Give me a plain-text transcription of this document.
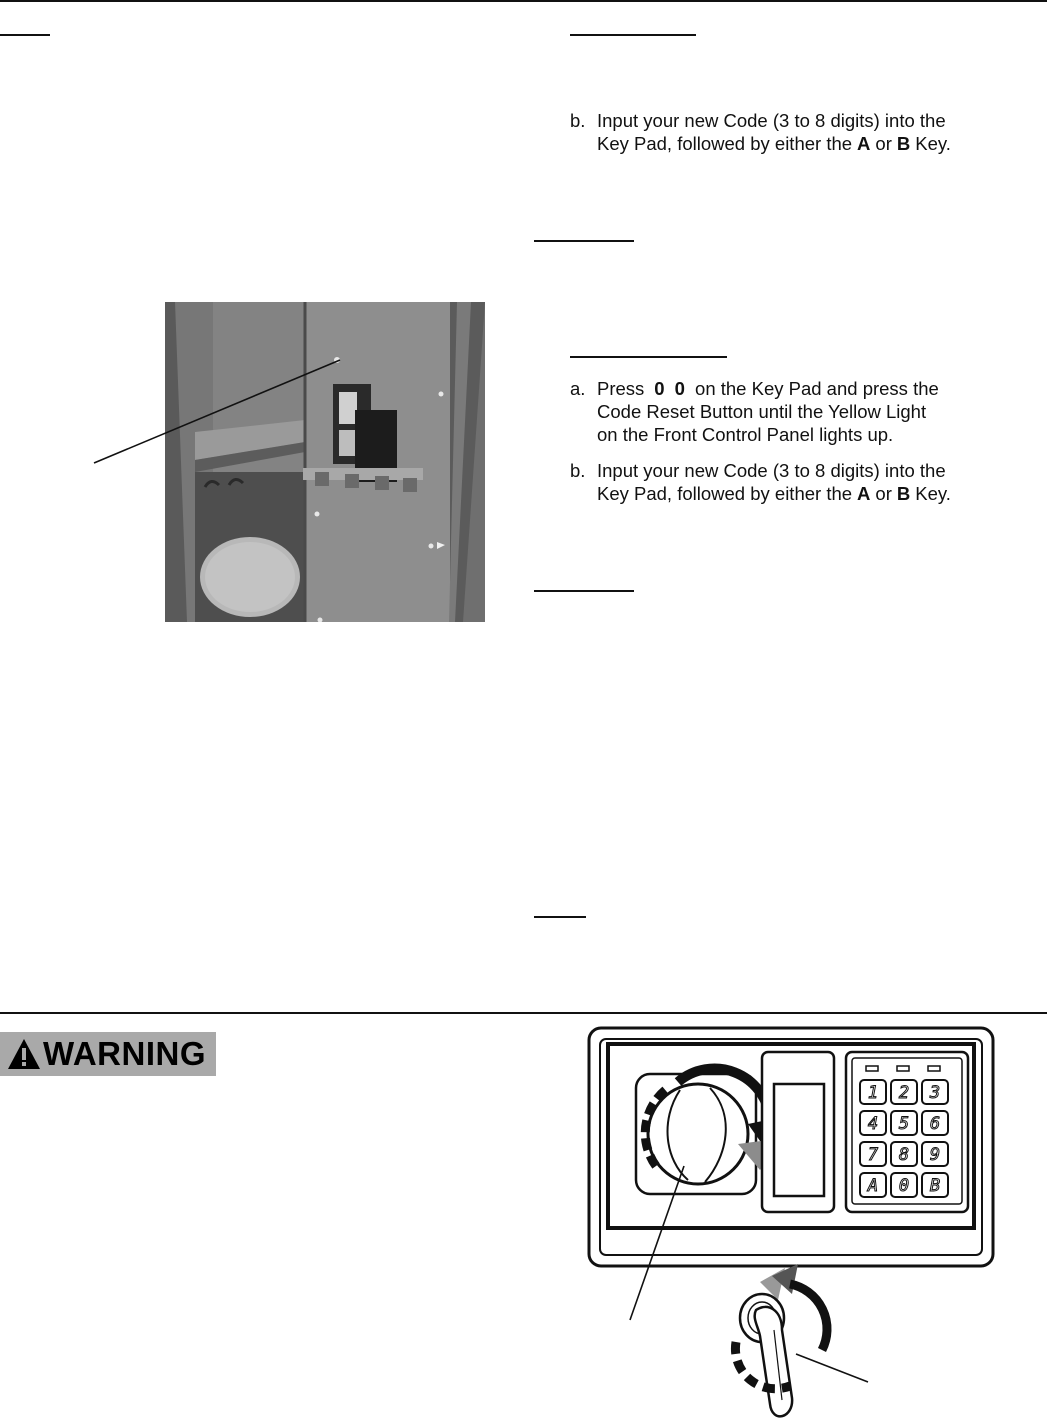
b. Input your new Code (3 to 8 digits) into the
Key Pad, followed by either the A or B Key.
a. Press 0 0 on the Key Pad and press the
Code Reset Button until the Yellow Light
on the Front Control Panel lights up.
b. Input your new Code (3 to 8 digits) into the
Key Pad, followed by either the A or B Key.
WARNING
1 2 3
4 5 6
7 8 9
A 0 B
